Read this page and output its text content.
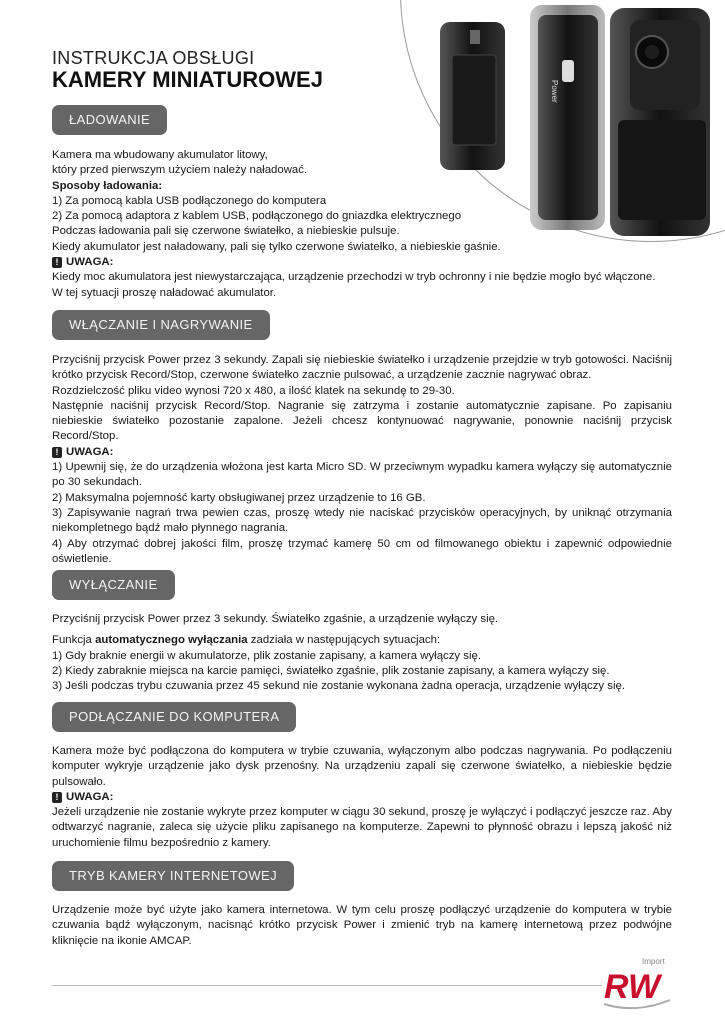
Power
INSTRUKCJA OBSŁUGI
KAMERY MINIATUROWEJ
ŁADOWANIE

Kamera ma wbudowany akumulator litowy,

który przed pierwszym użyciem należy naładować.

Sposoby ładowania:

1) Za pomocą kabla USB podłączonego do komputera

2) Za pomocą adaptora z kablem USB, podłączonego do gniazdka elektrycznego

Podczas ładowania pali się czerwone światełko, a niebieskie pulsuje.

Kiedy akumulator jest naładowany, pali się tylko czerwone światełko, a niebieskie gaśnie.

! UWAGA:

Kiedy moc akumulatora jest niewystarczająca, urządzenie przechodzi w tryb ochronny i nie będzie mogło być włączone.

W tej sytuacji proszę naładować akumulator.

WŁĄCZANIE I NAGRYWANIE

Przyciśnij przycisk Power przez 3 sekundy. Zapali się niebieskie światełko i urządzenie przejdzie w tryb gotowości. Naciśnij krótko przycisk Record/Stop, czerwone światełko zacznie pulsować, a urządzenie zacznie nagrywać obraz.

Rozdzielczość pliku video wynosi 720 x 480, a ilość klatek na sekundę to 29-30.

Następnie naciśnij przycisk Record/Stop. Nagranie się zatrzyma i zostanie automatycznie zapisane. Po zapisaniu niebieskie światełko pozostanie zapalone. Jeżeli chcesz kontynuować nagrywanie, ponownie naciśnij przycisk Record/Stop.

! UWAGA:

1) Upewnij się, że do urządzenia włożona jest karta Micro SD. W przeciwnym wypadku kamera wyłączy się automatycznie po 30 sekundach.

2) Maksymalna pojemność karty obsługiwanej przez urządzenie to 16 GB.

3) Zapisywanie nagrań trwa pewien czas, proszę wtedy nie naciskać przycisków operacyjnych, by uniknąć otrzymania niekompletnego bądź mało płynnego nagrania.

4) Aby otrzymać dobrej jakości film, proszę trzymać kamerę 50 cm od filmowanego obiektu i zapewnić odpowiednie oświetlenie.

WYŁĄCZANIE

Przyciśnij przycisk Power przez 3 sekundy. Światełko zgaśnie, a urządzenie wyłączy się.

Funkcja automatycznego wyłączania zadziała w następujących sytuacjach:

1) Gdy braknie energii w akumulatorze, plik zostanie zapisany, a kamera wyłączy się.

2) Kiedy zabraknie miejsca na karcie pamięci, światełko zgaśnie, plik zostanie zapisany, a kamera wyłączy się.

3) Jeśli podczas trybu czuwania przez 45 sekund nie zostanie wykonana żadna operacja, urządzenie wyłączy się.

PODŁĄCZANIE DO KOMPUTERA

Kamera może być podłączona do komputera w trybie czuwania, wyłączonym albo podczas nagrywania. Po podłączeniu komputer wykryje urządzenie jako dysk przenośny. Na urządzeniu zapali się czerwone światełko, a niebieskie będzie pulsowało.

! UWAGA:

Jeżeli urządzenie nie zostanie wykryte przez komputer w ciągu 30 sekund, proszę je wyłączyć i podłączyć jeszcze raz. Aby odtwarzyć nagranie, zaleca się użycie pliku zapisanego na komputerze. Zapewni to płynność obrazu i lepszą jakość niż uruchomienie filmu bezpośrednio z kamery.

TRYB KAMERY INTERNETOWEJ

Urządzenie może być użyte jako kamera internetowa. W tym celu proszę podłączyć urządzenie do komputera w trybie czuwania bądź wyłączonym, nacisnąć krótko przycisk Power i zmienić tryb na kamerę internetową przez podwójne kliknięcie na ikonie AMCAP.

Import
RW
